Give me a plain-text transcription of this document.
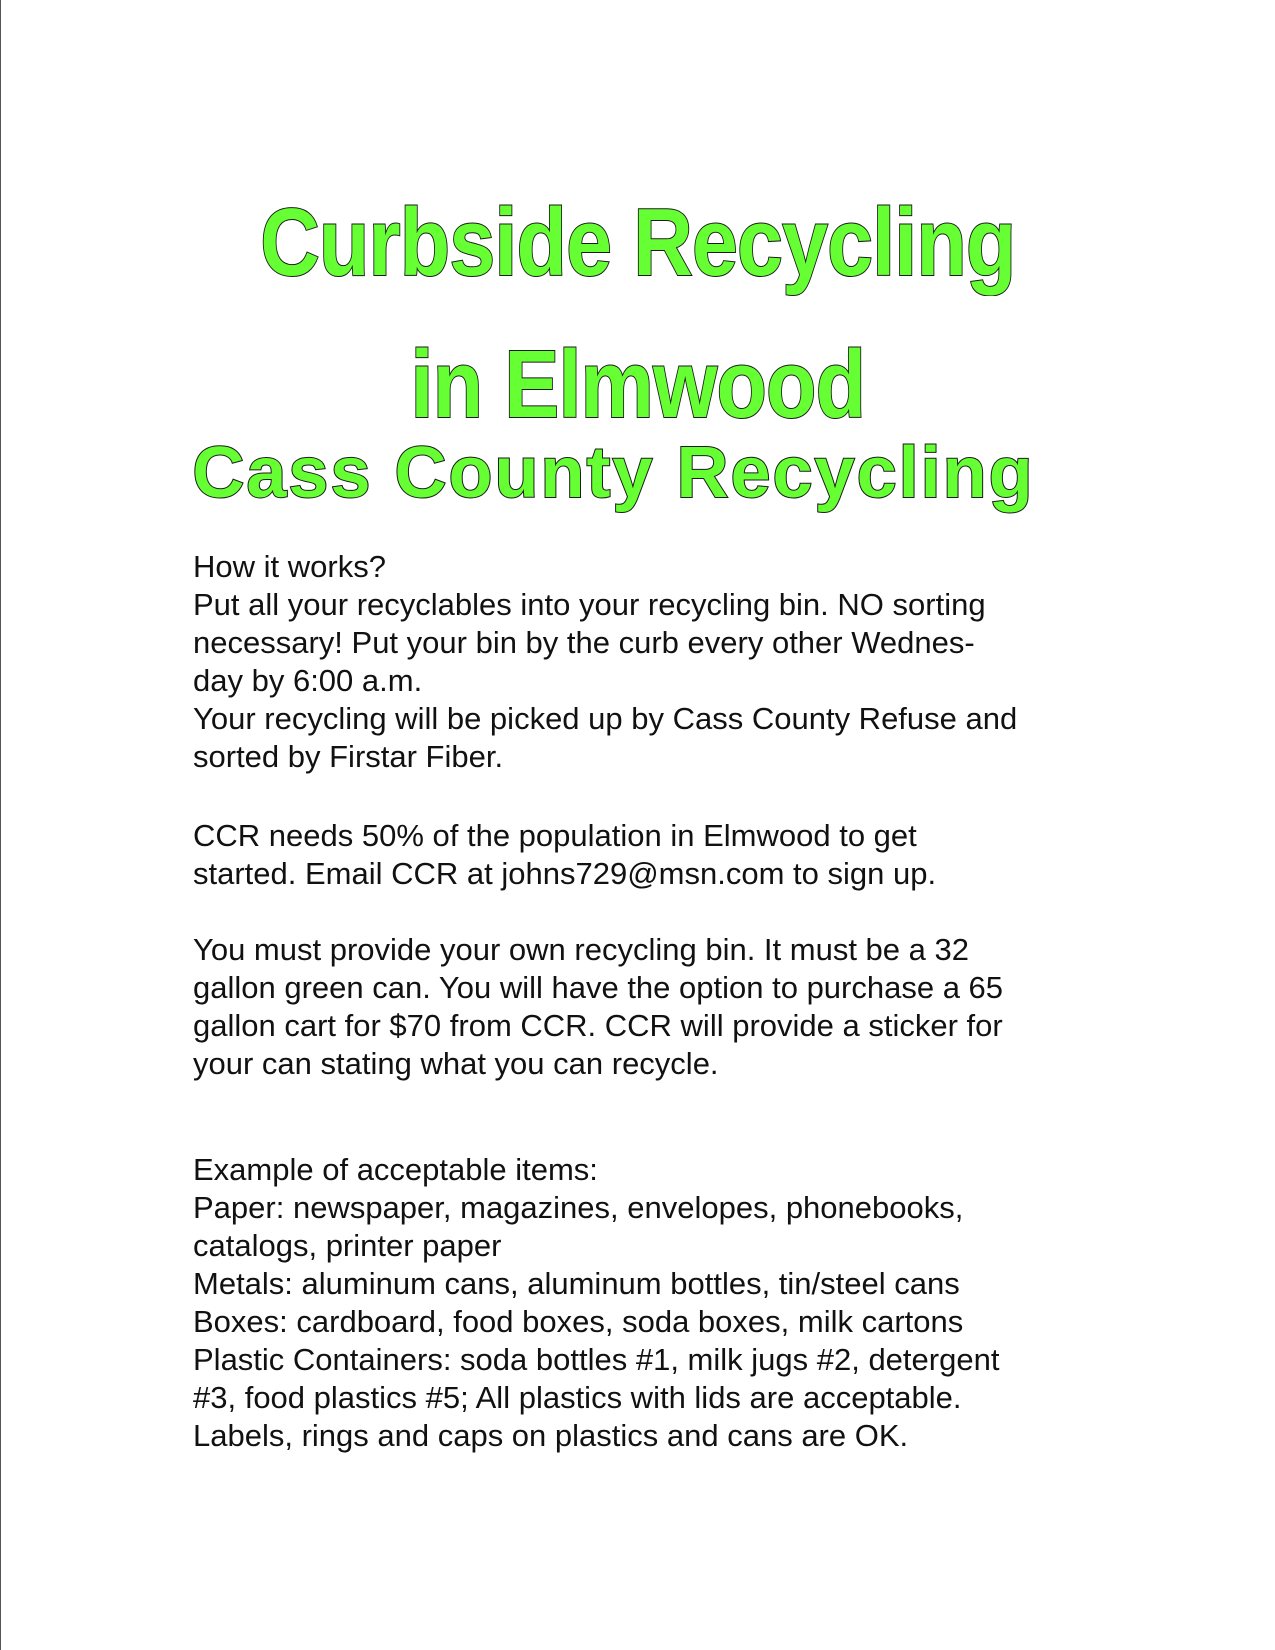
Curbside Recycling
in Elmwood
Cass County Recycling

How it works?

Put all your recyclables into your recycling bin. NO sorting

necessary! Put your bin by the curb every other Wednes-

day by 6:00 a.m.

Your recycling will be picked up by Cass County Refuse and

sorted by Firstar Fiber.

CCR needs 50% of the population in Elmwood to get

started. Email CCR at johns729@msn.com to sign up.

You must provide your own recycling bin. It must be a 32

gallon green can. You will have the option to purchase a 65

gallon cart for $70 from CCR. CCR will provide a sticker for

your can stating what you can recycle.

Example of acceptable items:

Paper: newspaper, magazines, envelopes, phonebooks,

catalogs, printer paper

Metals: aluminum cans, aluminum bottles, tin/steel cans

Boxes: cardboard, food boxes, soda boxes, milk cartons

Plastic Containers: soda bottles #1, milk jugs #2, detergent

#3, food plastics #5; All plastics with lids are acceptable.

Labels, rings and caps on plastics and cans are OK.
